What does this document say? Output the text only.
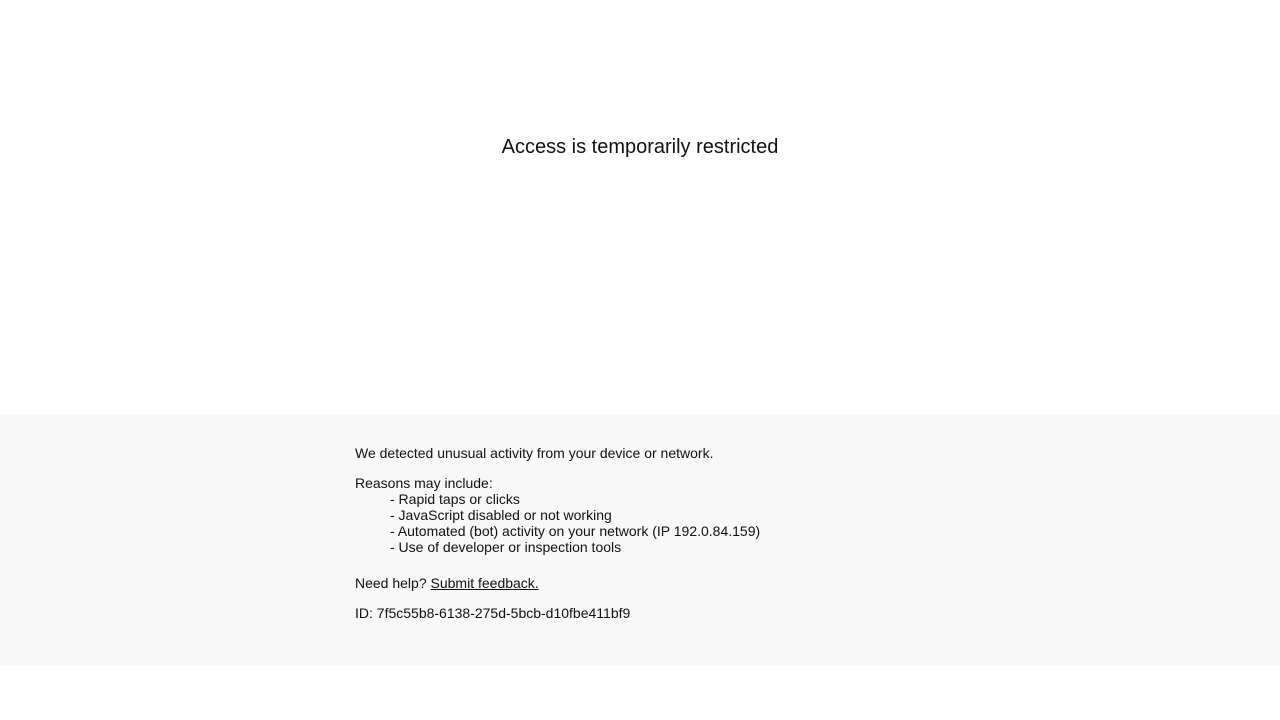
Access is temporarily restricted

We detected unusual activity from your device or network.

Reasons may include:

- Rapid taps or clicks
- JavaScript disabled or not working
- Automated (bot) activity on your network (IP 192.0.84.159)
- Use of developer or inspection tools

Need help? Submit feedback.

ID: 7f5c55b8-6138-275d-5bcb-d10fbe411bf9
